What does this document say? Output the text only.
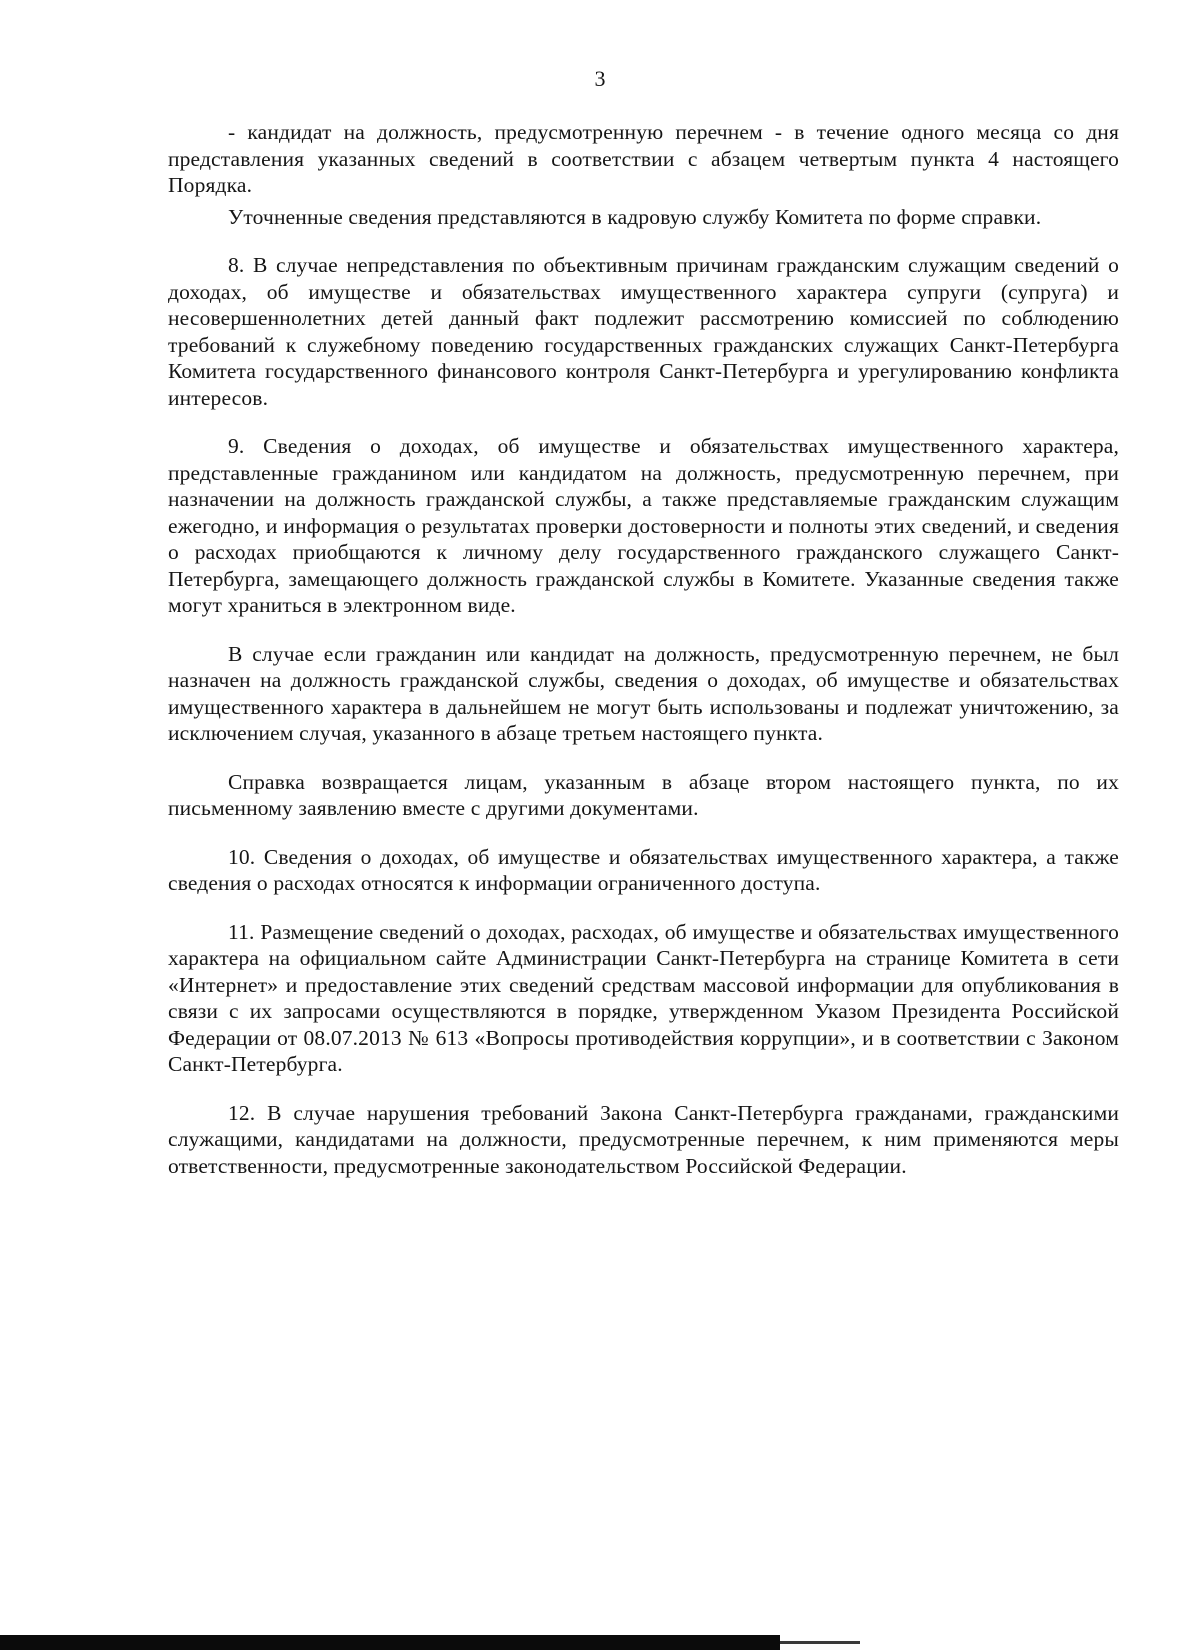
3

- кандидат на должность, предусмотренную перечнем - в течение одного месяца со дня представления указанных сведений в соответствии с абзацем четвертым пункта 4 настоящего Порядка.

Уточненные сведения представляются в кадровую службу Комитета по форме справки.

8. В случае непредставления по объективным причинам гражданским служащим сведений о доходах, об имуществе и обязательствах имущественного характера супруги (супруга) и несовершеннолетних детей данный факт подлежит рассмотрению комиссией по соблюдению требований к служебному поведению государственных гражданских служащих Санкт-Петербурга Комитета государственного финансового контроля Санкт-Петербурга и урегулированию конфликта интересов.

9. Сведения о доходах, об имуществе и обязательствах имущественного характера, представленные гражданином или кандидатом на должность, предусмотренную перечнем, при назначении на должность гражданской службы, а также представляемые гражданским служащим ежегодно, и информация о результатах проверки достоверности и полноты этих сведений, и сведения о расходах приобщаются к личному делу государственного гражданского служащего Санкт-Петербурга, замещающего должность гражданской службы в Комитете. Указанные сведения также могут храниться в электронном виде.

В случае если гражданин или кандидат на должность, предусмотренную перечнем, не был назначен на должность гражданской службы, сведения о доходах, об имуществе и обязательствах имущественного характера в дальнейшем не могут быть использованы и подлежат уничтожению, за исключением случая, указанного в абзаце третьем настоящего пункта.

Справка возвращается лицам, указанным в абзаце втором настоящего пункта, по их письменному заявлению вместе с другими документами.

10. Сведения о доходах, об имуществе и обязательствах имущественного характера, а также сведения о расходах относятся к информации ограниченного доступа.

11. Размещение сведений о доходах, расходах, об имуществе и обязательствах имущественного характера на официальном сайте Администрации Санкт-Петербурга на странице Комитета в сети «Интернет» и предоставление этих сведений средствам массовой информации для опубликования в связи с их запросами осуществляются в порядке, утвержденном Указом Президента Российской Федерации от 08.07.2013 № 613 «Вопросы противодействия коррупции», и в соответствии с Законом Санкт-Петербурга.

12. В случае нарушения требований Закона Санкт-Петербурга гражданами, гражданскими служащими, кандидатами на должности, предусмотренные перечнем, к ним применяются меры ответственности, предусмотренные законодательством Российской Федерации.
